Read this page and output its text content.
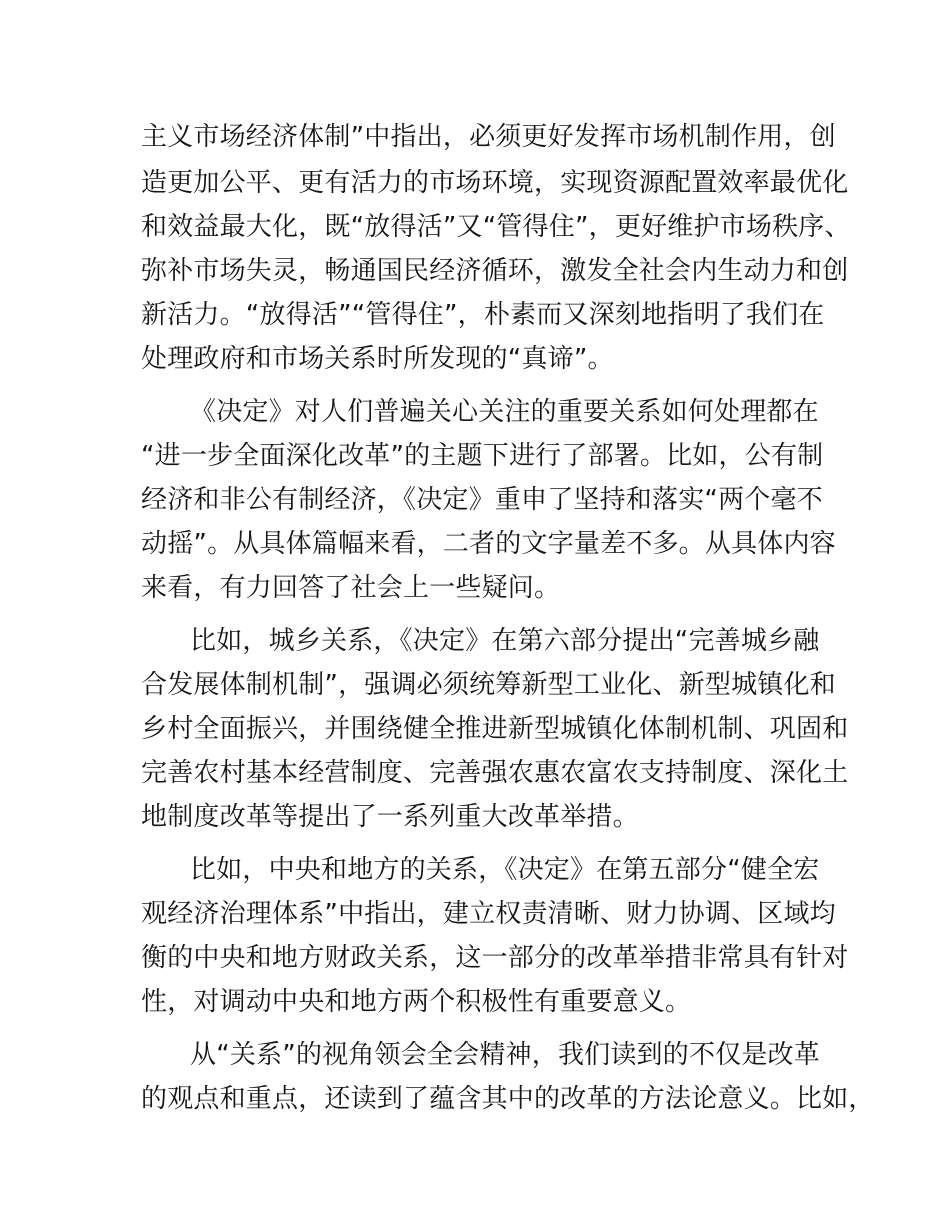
主义市场经济体制”中指出，必须更好发挥市场机制作用，创

造更加公平、更有活力的市场环境，实现资源配置效率最优化

和效益最大化，既“放得活”又“管得住”，更好维护市场秩序、

弥补市场失灵，畅通国民经济循环，激发全社会内生动力和创

新活力。“放得活”“管得住”，朴素而又深刻地指明了我们在

处理政府和市场关系时所发现的“真谛”。

《决定》对人们普遍关心关注的重要关系如何处理都在

“进一步全面深化改革”的主题下进行了部署。比如，公有制

经济和非公有制经济，《决定》重申了坚持和落实“两个毫不

动摇”。从具体篇幅来看，二者的文字量差不多。从具体内容

来看，有力回答了社会上一些疑问。

比如，城乡关系，《决定》在第六部分提出“完善城乡融

合发展体制机制”，强调必须统筹新型工业化、新型城镇化和

乡村全面振兴，并围绕健全推进新型城镇化体制机制、巩固和

完善农村基本经营制度、完善强农惠农富农支持制度、深化土

地制度改革等提出了一系列重大改革举措。

比如，中央和地方的关系，《决定》在第五部分“健全宏

观经济治理体系”中指出，建立权责清晰、财力协调、区域均

衡的中央和地方财政关系，这一部分的改革举措非常具有针对

性，对调动中央和地方两个积极性有重要意义。

从“关系”的视角领会全会精神，我们读到的不仅是改革

的观点和重点，还读到了蕴含其中的改革的方法论意义。比如，
